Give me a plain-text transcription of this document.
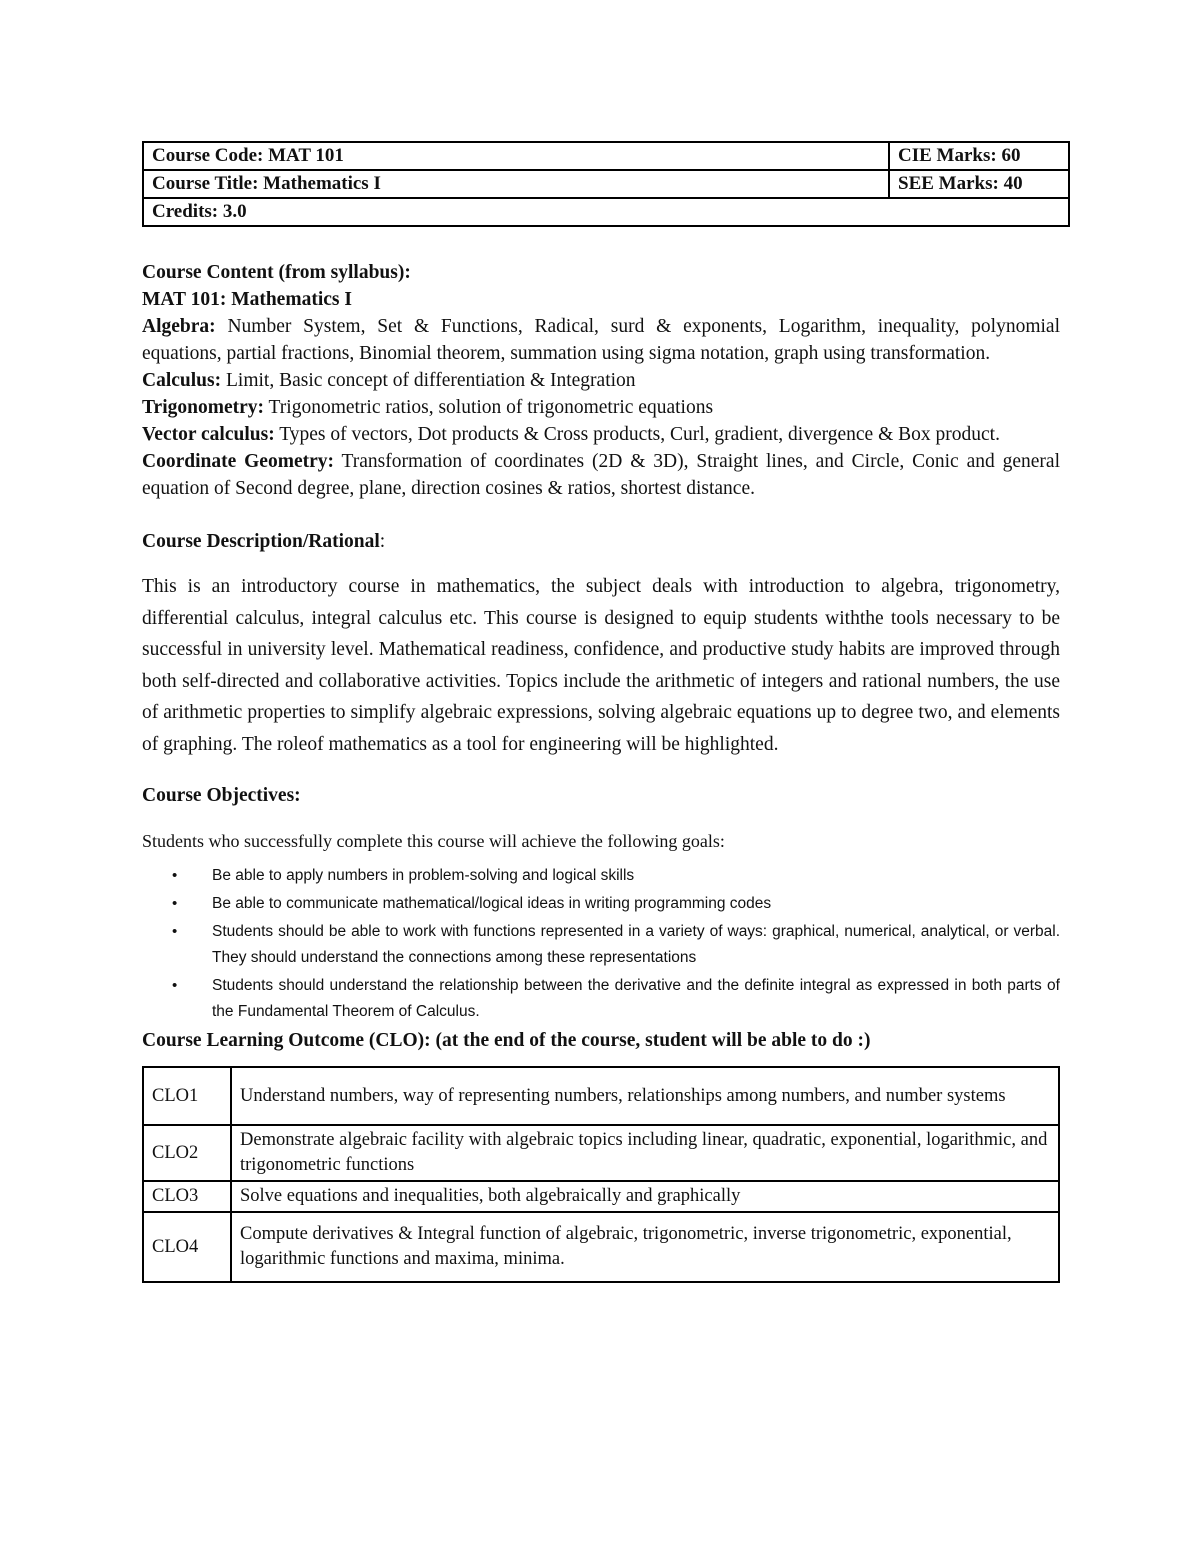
Course Code: MAT 101	CIE Marks: 60
Course Title: Mathematics I	SEE Marks: 40
Credits: 3.0	

Course Content (from syllabus):

MAT 101: Mathematics I

Algebra: Number System, Set & Functions, Radical, surd & exponents, Logarithm, inequality, polynomial equations, partial fractions, Binomial theorem, summation using sigma notation, graph using transformation.

Calculus: Limit, Basic concept of differentiation & Integration

Trigonometry: Trigonometric ratios, solution of trigonometric equations

Vector calculus: Types of vectors, Dot products & Cross products, Curl, gradient, divergence & Box product.

Coordinate Geometry: Transformation of coordinates (2D & 3D), Straight lines, and Circle, Conic and general equation of Second degree, plane, direction cosines & ratios, shortest distance.

Course Description/Rational:
This is an introductory course in mathematics, the subject deals with introduction to algebra, trigonometry, differential calculus, integral calculus etc. This course is designed to equip students withthe tools necessary to be successful in university level. Mathematical readiness, confidence, and productive study habits are improved through both self-directed and collaborative activities. Topics include the arithmetic of integers and rational numbers, the use of arithmetic properties to simplify algebraic expressions, solving algebraic equations up to degree two, and elements of graphing. The roleof mathematics as a tool for engineering will be highlighted.
Course Objectives:
Students who successfully complete this course will achieve the following goals:
• Be able to apply numbers in problem-solving and logical skills
• Be able to communicate mathematical/logical ideas in writing programming codes
• Students should be able to work with functions represented in a variety of ways: graphical, numerical, analytical, or verbal. They should understand the connections among these representations
• Students should understand the relationship between the derivative and the definite integral as expressed in both parts of the Fundamental Theorem of Calculus.
Course Learning Outcome (CLO): (at the end of the course, student will be able to do :)
CLO1	Understand numbers, way of representing numbers, relationships among numbers, and number systems
CLO2	Demonstrate algebraic facility with algebraic topics including linear, quadratic, exponential, logarithmic, and trigonometric functions
CLO3	Solve equations and inequalities, both algebraically and graphically
CLO4	Compute derivatives & Integral function of algebraic, trigonometric, inverse trigonometric, exponential, logarithmic functions and maxima, minima.
